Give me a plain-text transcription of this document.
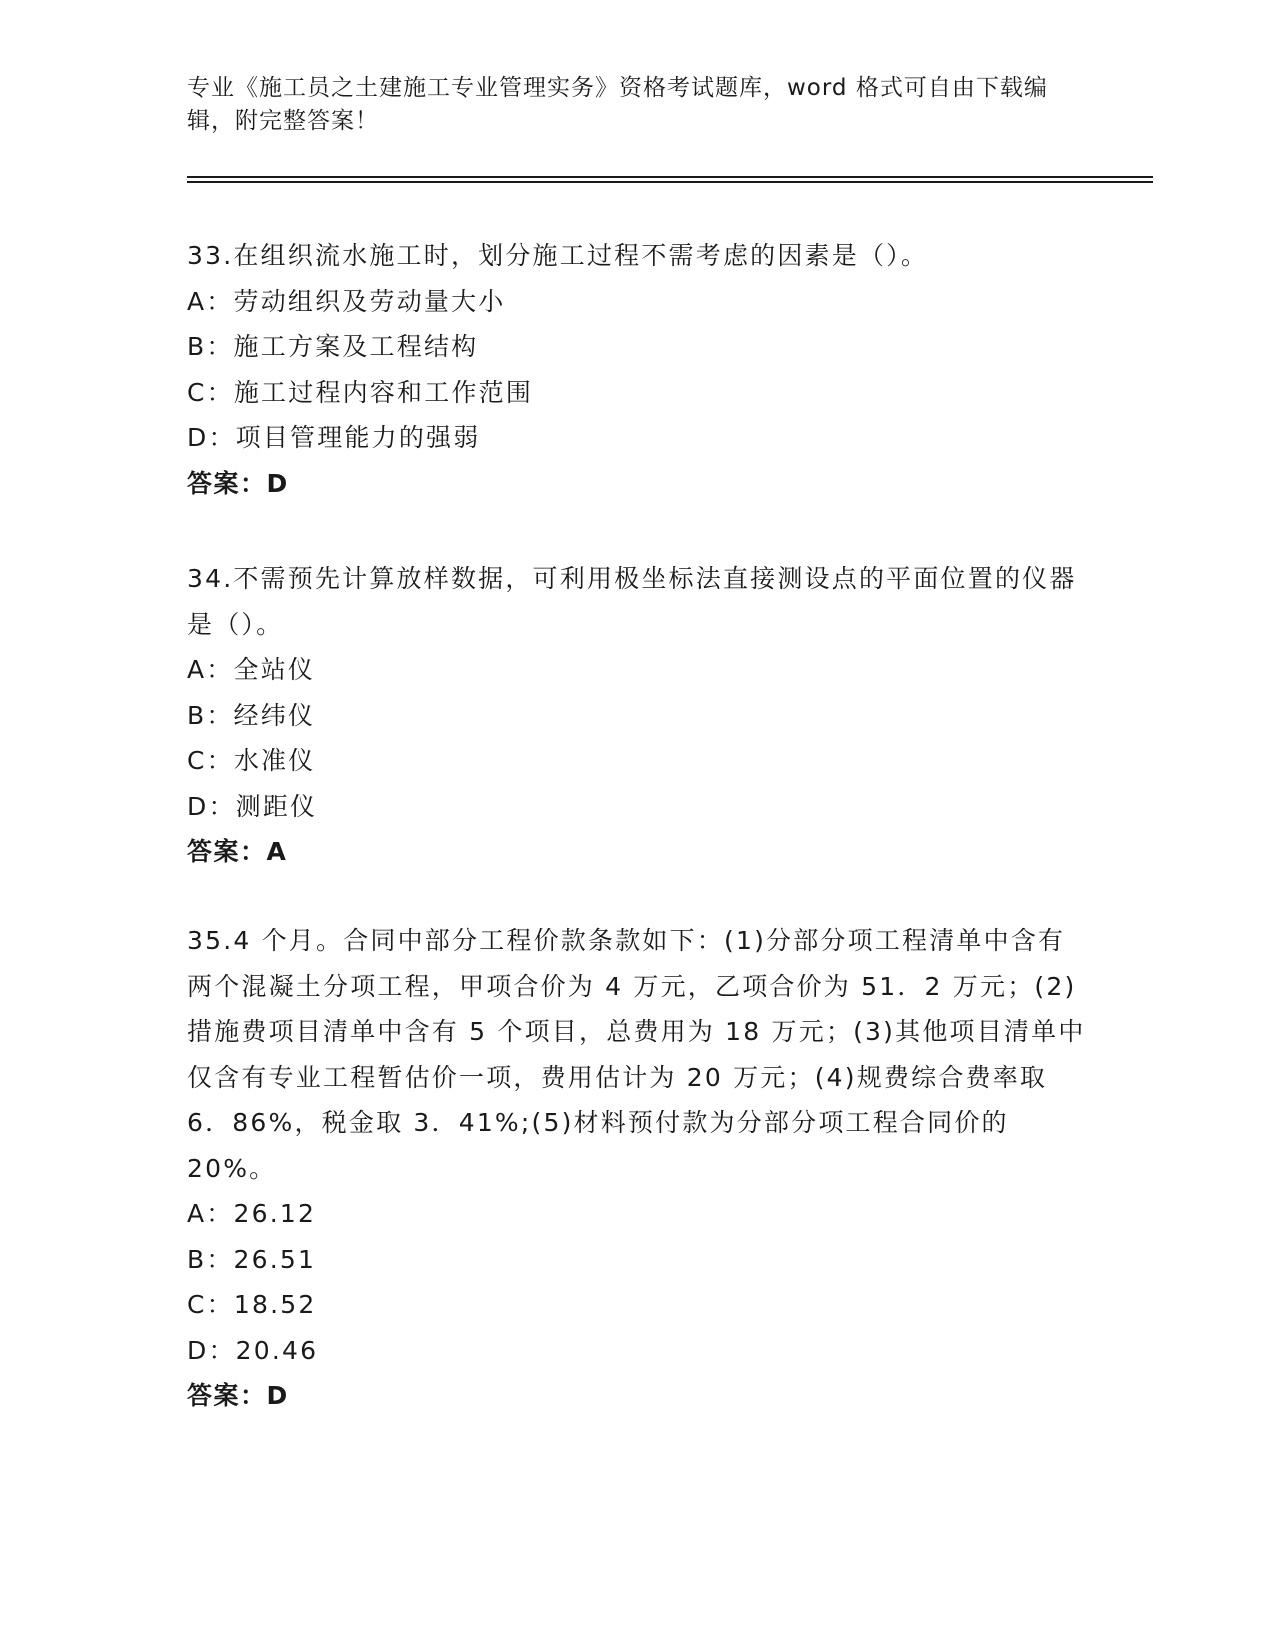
专业《施工员之土建施工专业管理实务》资格考试题库，word 格式可自由下载编辑，附完整答案！

33.在组织流水施工时，划分施工过程不需考虑的因素是（）。

A：劳动组织及劳动量大小
B：施工方案及工程结构
C：施工过程内容和工作范围
D：项目管理能力的强弱
答案：D

34.不需预先计算放样数据，可利用极坐标法直接测设点的平面位置的仪器是（）。

A：全站仪
B：经纬仪
C：水准仪
D：测距仪
答案：A

35.4 个月。合同中部分工程价款条款如下：(1)分部分项工程清单中含有两个混凝土分项工程，甲项合价为 4 万元，乙项合价为 51．2 万元；(2)措施费项目清单中含有 5 个项目，总费用为 18 万元；(3)其他项目清单中仅含有专业工程暂估价一项，费用估计为 20 万元；(4)规费综合费率取 6．86%，税金取 3．41%;(5)材料预付款为分部分项工程合同价的 20%。

A：26.12
B：26.51
C：18.52
D：20.46
答案：D
